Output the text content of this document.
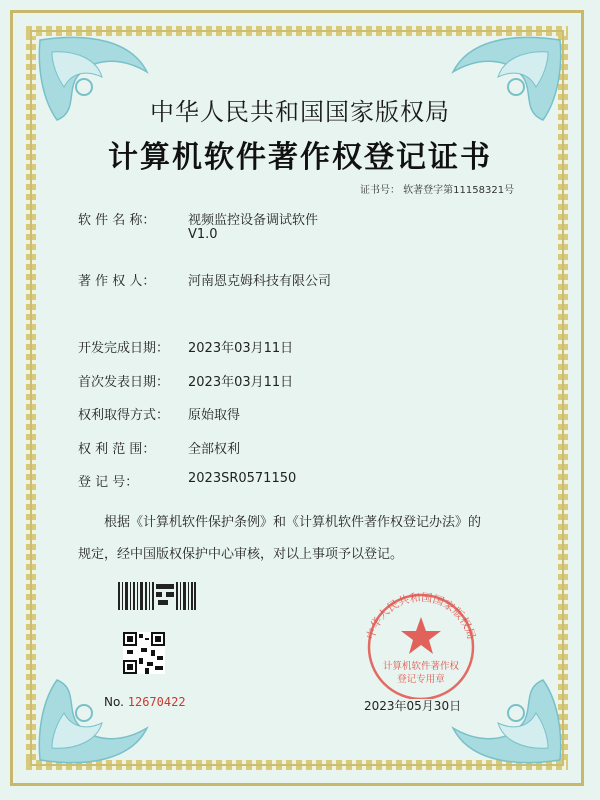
中华人民共和国国家版权局
计算机软件著作权登记证书
证书号： 软著登字第11158321号
软 件 名 称：	视频监控设备调试软件
V1.0
著 作 权 人：	河南恩克姆科技有限公司
开发完成日期：	2023年03月11日
首次发表日期：	2023年03月11日
权利取得方式：	原始取得
权 利 范 围：	全部权利
登 记 号：	2023SR0571150
根据《计算机软件保护条例》和《计算机软件著作权登记办法》的
规定，经中国版权保护中心审核，对以上事项予以登记。
No. 12670422
中华人民共和国国家版权局
计算机软件著作权
登记专用章
2023年05月30日
